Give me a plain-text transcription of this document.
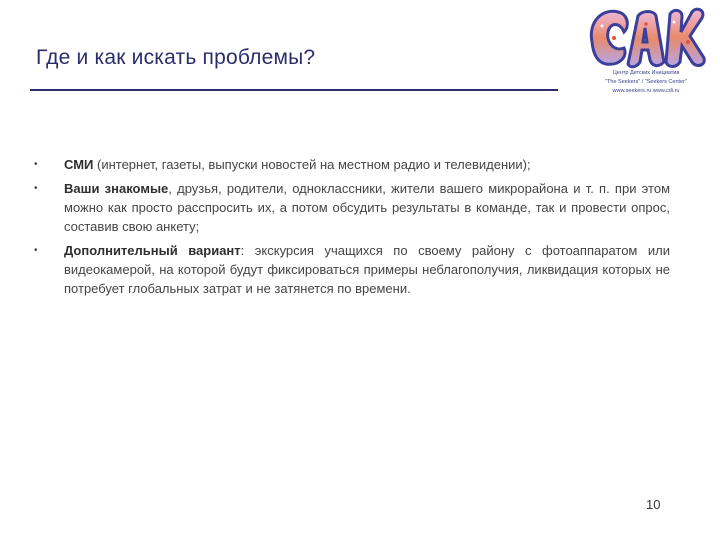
Где и как искать проблемы?
Центр Детских Инициатив
"The Seekers" / "Seekers Center"
www.seekers.ru www.cdi.ru
• СМИ (интернет, газеты, выпуски новостей на местном радио и телевидении);
• Ваши знакомые, друзья, родители, одноклассники, жители вашего микрорайона и т. п. при этом можно как просто расспросить их, а потом обсудить результаты в команде, так и провести опрос, составив свою анкету;
• Дополнительный вариант: экскурсия учащихся по своему району с фотоаппаратом или видеокамерой, на которой будут фиксироваться примеры неблагополучия, ликвидация которых не потребует глобальных затрат и не затянется по времени.
10
